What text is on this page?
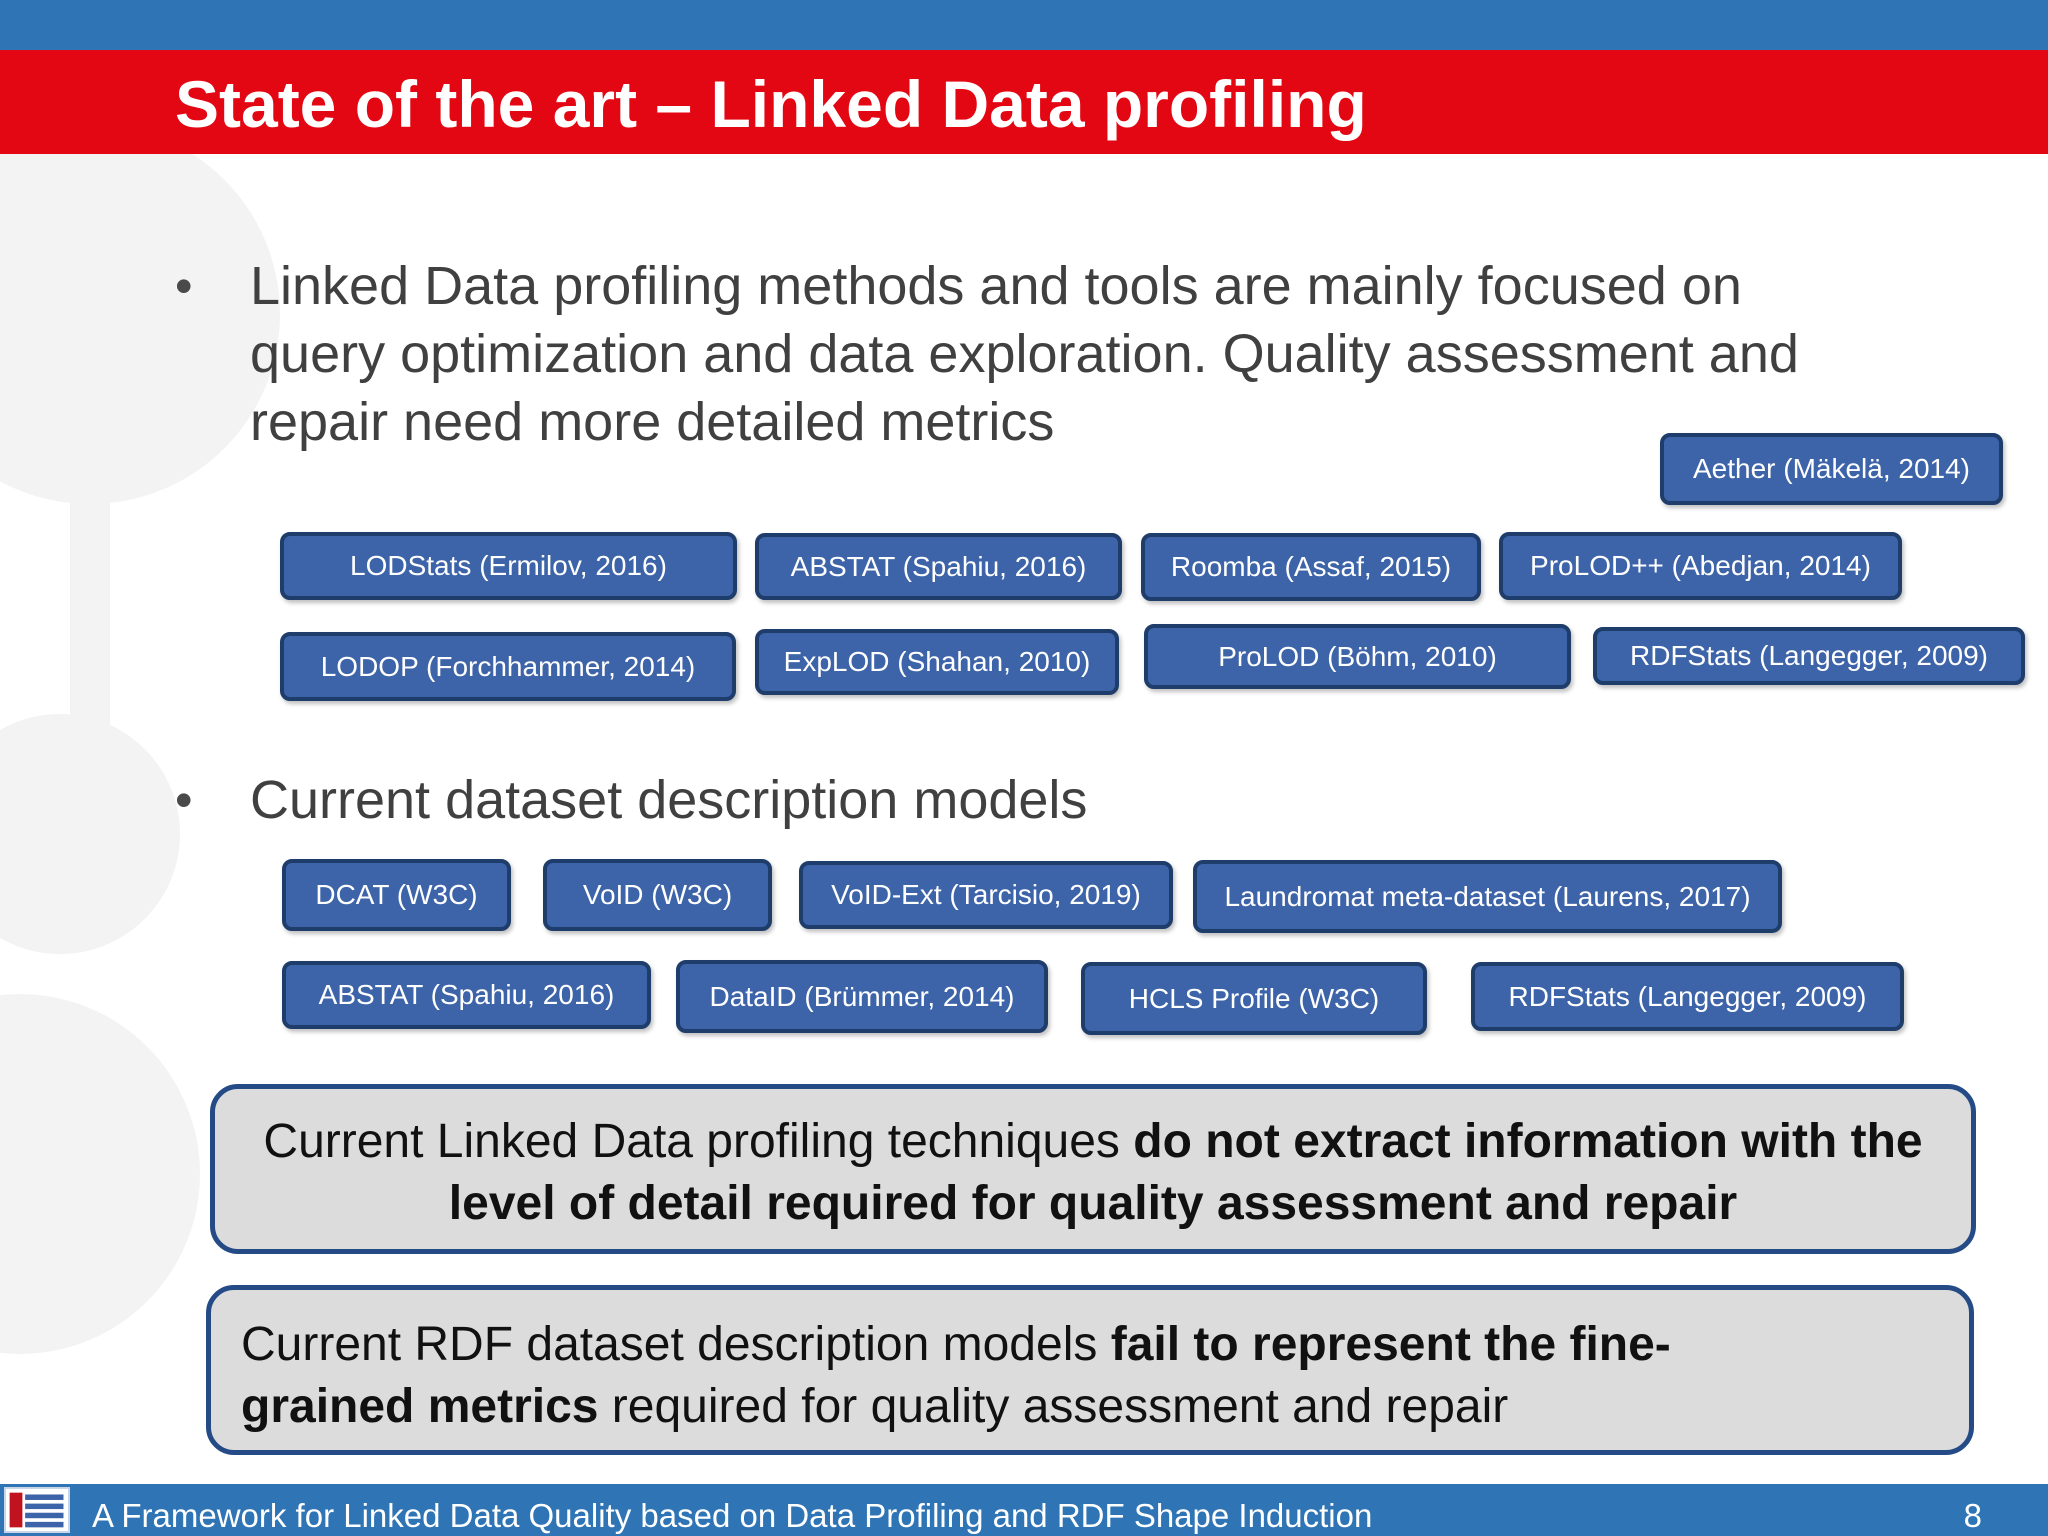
State of the art – Linked Data profiling
• Linked Data profiling methods and tools are mainly focused on query optimization and data exploration. Quality assessment and repair need more detailed metrics
Aether (Mäkelä, 2014)
LODStats (Ermilov, 2016)	ABSTAT (Spahiu, 2016)	Roomba (Assaf, 2015)	ProLOD++ (Abedjan, 2014)
LODOP (Forchhammer, 2014)	ExpLOD (Shahan, 2010)	ProLOD (Böhm, 2010)	RDFStats (Langegger, 2009)
• Current dataset description models
DCAT (W3C)	VoID (W3C)	VoID-Ext (Tarcisio, 2019)	Laundromat meta-dataset (Laurens, 2017)
ABSTAT (Spahiu, 2016)	DataID (Brümmer, 2014)	HCLS Profile (W3C)	RDFStats (Langegger, 2009)
Current Linked Data profiling techniques do not extract information with the level of detail required for quality assessment and repair
Current RDF dataset description models fail to represent the fine-grained metrics required for quality assessment and repair
A Framework for Linked Data Quality based on Data Profiling and RDF Shape Induction	8
